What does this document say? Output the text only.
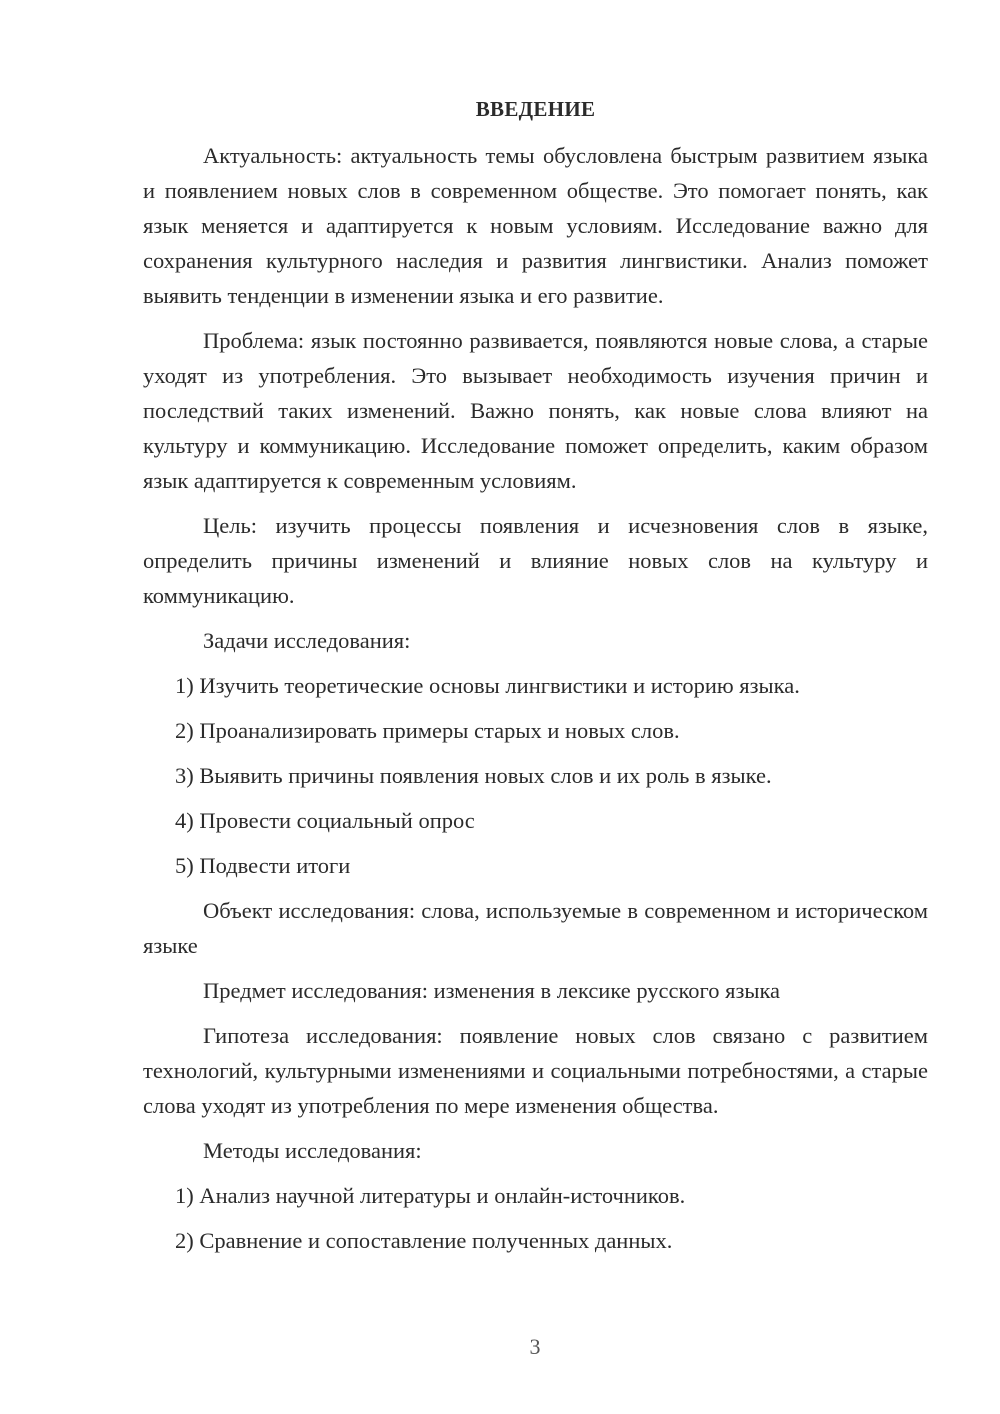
ВВЕДЕНИЕ

Актуальность: актуальность темы обусловлена быстрым развитием языка и появлением новых слов в современном обществе. Это помогает понять, как язык меняется и адаптируется к новым условиям. Исследование важно для сохранения культурного наследия и развития лингвистики. Анализ поможет выявить тенденции в изменении языка и его развитие.

Проблема: язык постоянно развивается, появляются новые слова, а старые уходят из употребления. Это вызывает необходимость изучения причин и последствий таких изменений. Важно понять, как новые слова влияют на культуру и коммуникацию. Исследование поможет определить, каким образом язык адаптируется к современным условиям.

Цель: изучить процессы появления и исчезновения слов в языке, определить причины изменений и влияние новых слов на культуру и коммуникацию.

Задачи исследования:

1) Изучить теоретические основы лингвистики и историю языка.
2) Проанализировать примеры старых и новых слов.
3) Выявить причины появления новых слов и их роль в языке.
4) Провести социальный опрос
5) Подвести итоги

Объект исследования: слова, используемые в современном и историческом языке

Предмет исследования: изменения в лексике русского языка

Гипотеза исследования: появление новых слов связано с развитием технологий, культурными изменениями и социальными потребностями, а старые слова уходят из употребления по мере изменения общества.

Методы исследования:

1) Анализ научной литературы и онлайн-источников.
2) Сравнение и сопоставление полученных данных.
3
